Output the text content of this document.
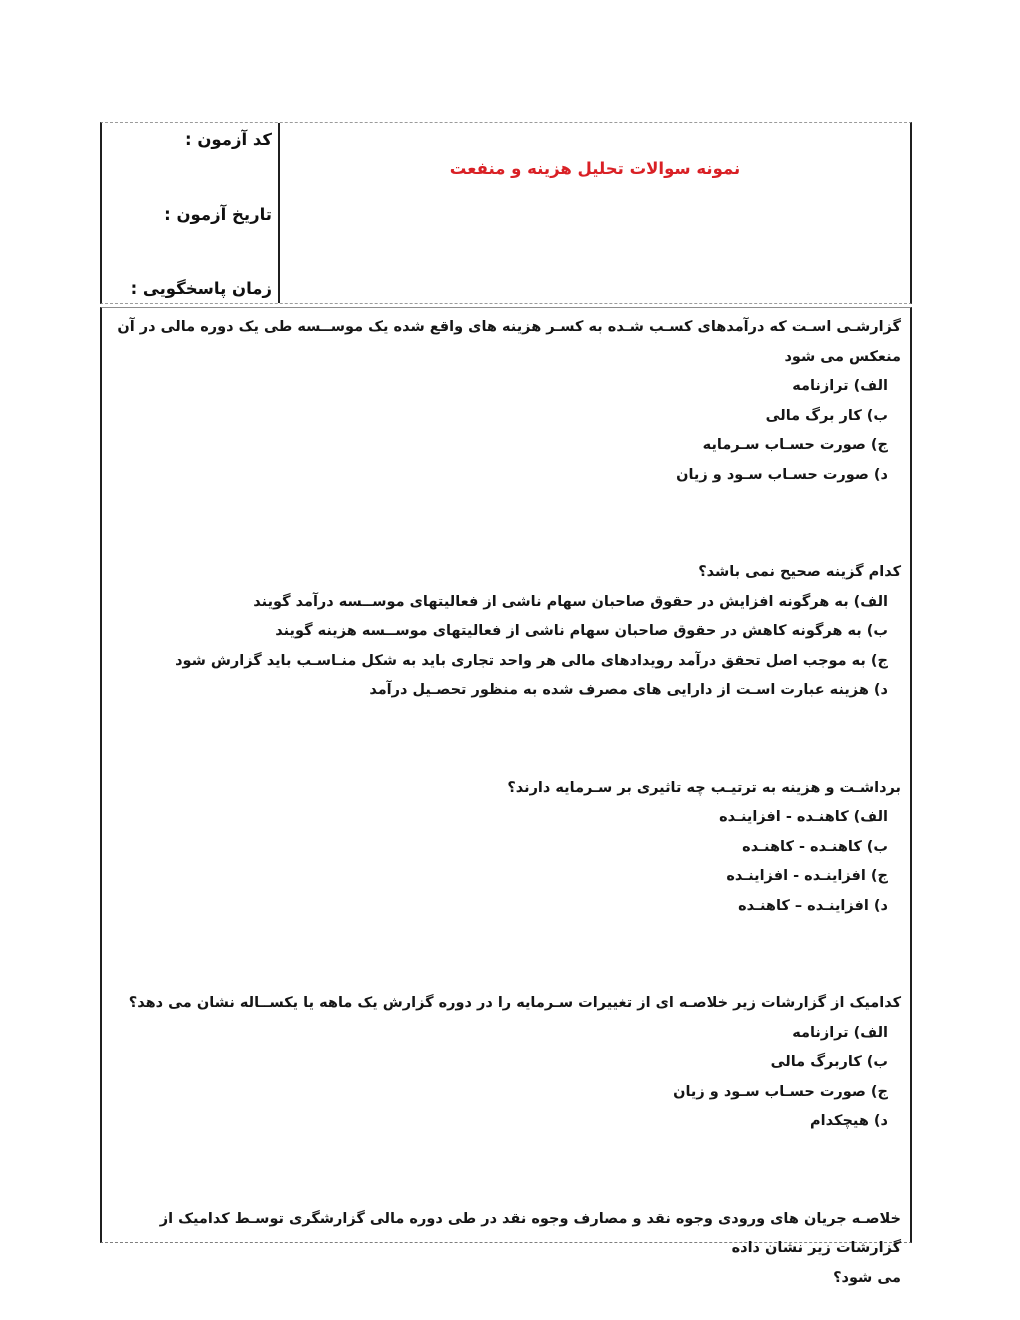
کد آزمون :
تاریخ آزمون :
زمان پاسخگویی :
نمونه سوالات تحلیل هزینه و منفعت
گزارشـی اسـت که درآمدهای کسـب شـده به کسـر هزینه های واقع شده یک موســسه طی یک دوره مالی در آن منعکس می شود
الف) ترازنامه
ب) کار برگ مالی
ج) صورت حسـاب سـرمایه
د) صورت حسـاب سـود و زیان
کدام گزینه صحیح نمی باشد؟
الف) به هرگونه افزایش در حقوق صاحبان سهام ناشی از فعالیتهای موســسه درآمد گویند
ب) به هرگونه کاهش در حقوق صاحبان سهام ناشی از فعالیتهای موســسه هزینه گویند
ج) به موجب اصل تحقق درآمد رویدادهای مالی هر واحد تجاری باید به شکل منـاسـب باید گزارش شود
د) هزینه عبارت اسـت از دارایی های مصرف شده به منظور تحصـیل درآمد
برداشـت و هزینه به ترتیـب چه تاثیری بر سـرمایه دارند؟
الف) کاهنـده - افزاینـده
ب) کاهنـده - کاهنـده
ج) افزاینـده - افزاینـده
د) افزاینـده – کاهنـده
کدامیک از گزارشات زیر خلاصـه ای از تغییرات سـرمایه را در دوره گزارش یک ماهه یا یکســاله نشان می دهد؟
الف) ترازنامه
ب) کاربرگ مالی
ج) صورت حسـاب سـود و زیان
د) هیچکدام
خلاصـه جریان های ورودی وجوه نقد و مصارف وجوه نقد در طی دوره مالی گزارشگری توسـط کدامیک از گزارشات زیر نشان داده
می شود؟
